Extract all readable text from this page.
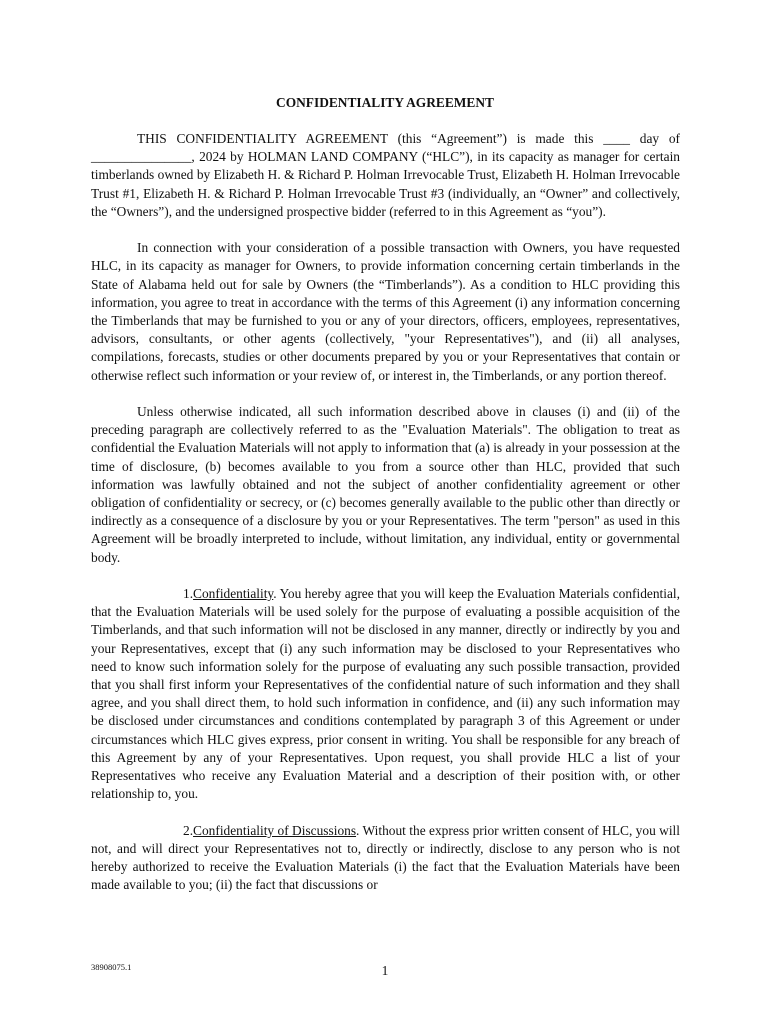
CONFIDENTIALITY AGREEMENT

THIS CONFIDENTIALITY AGREEMENT (this “Agreement”) is made this ____ day of _______________, 2024 by HOLMAN LAND COMPANY (“HLC”), in its capacity as manager for certain timberlands owned by Elizabeth H. & Richard P. Holman Irrevocable Trust, Elizabeth H. Holman Irrevocable Trust #1, Elizabeth H. & Richard P. Holman Irrevocable Trust #3 (individually, an “Owner” and collectively, the “Owners”), and the undersigned prospective bidder (referred to in this Agreement as “you”).

In connection with your consideration of a possible transaction with Owners, you have requested HLC, in its capacity as manager for Owners, to provide information concerning certain timberlands in the State of Alabama held out for sale by Owners (the “Timberlands”). As a condition to HLC providing this information, you agree to treat in accordance with the terms of this Agreement (i) any information concerning the Timberlands that may be furnished to you or any of your directors, officers, employees, representatives, advisors, consultants, or other agents (collectively, "your Representatives"), and (ii) all analyses, compilations, forecasts, studies or other documents prepared by you or your Representatives that contain or otherwise reflect such information or your review of, or interest in, the Timberlands, or any portion thereof.

Unless otherwise indicated, all such information described above in clauses (i) and (ii) of the preceding paragraph are collectively referred to as the "Evaluation Materials". The obligation to treat as confidential the Evaluation Materials will not apply to information that (a) is already in your possession at the time of disclosure, (b) becomes available to you from a source other than HLC, provided that such information was lawfully obtained and not the subject of another confidentiality agreement or other obligation of confidentiality or secrecy, or (c) becomes generally available to the public other than directly or indirectly as a consequence of a disclosure by you or your Representatives. The term "person" as used in this Agreement will be broadly interpreted to include, without limitation, any individual, entity or governmental body.

1.Confidentiality. You hereby agree that you will keep the Evaluation Materials confidential, that the Evaluation Materials will be used solely for the purpose of evaluating a possible acquisition of the Timberlands, and that such information will not be disclosed in any manner, directly or indirectly by you and your Representatives, except that (i) any such information may be disclosed to your Representatives who need to know such information solely for the purpose of evaluating any such possible transaction, provided that you shall first inform your Representatives of the confidential nature of such information and they shall agree, and you shall direct them, to hold such information in confidence, and (ii) any such information may be disclosed under circumstances and conditions contemplated by paragraph 3 of this Agreement or under circumstances which HLC gives express, prior consent in writing. You shall be responsible for any breach of this Agreement by any of your Representatives. Upon request, you shall provide HLC a list of your Representatives who receive any Evaluation Material and a description of their position with, or other relationship to, you.

2.Confidentiality of Discussions. Without the express prior written consent of HLC, you will not, and will direct your Representatives not to, directly or indirectly, disclose to any person who is not hereby authorized to receive the Evaluation Materials (i) the fact that the Evaluation Materials have been made available to you; (ii) the fact that discussions or

38908075.1	1
